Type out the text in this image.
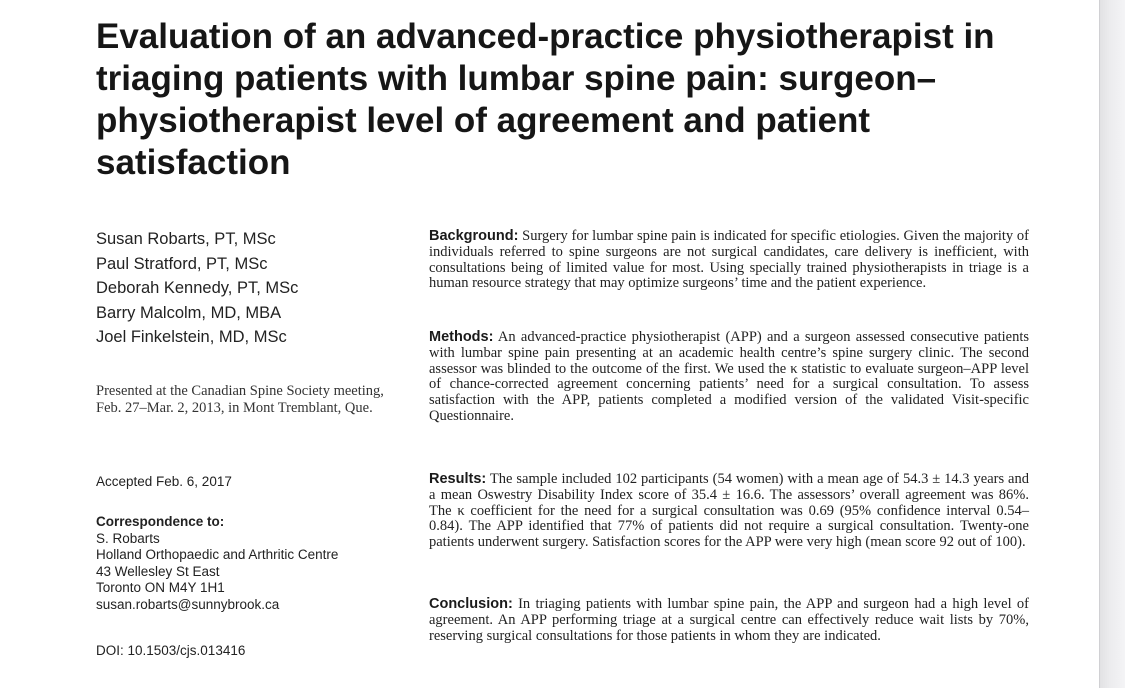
Evaluation of an advanced-practice physiotherapist in triaging patients with lumbar spine pain: surgeon–physiotherapist level of agreement and patient satisfaction
Susan Robarts, PT, MSc
Paul Stratford, PT, MSc
Deborah Kennedy, PT, MSc
Barry Malcolm, MD, MBA
Joel Finkelstein, MD, MSc

Presented at the Canadian Spine Society meeting, Feb. 27–Mar. 2, 2013, in Mont Tremblant, Que.

Accepted Feb. 6, 2017

Correspondence to:
S. Robarts
Holland Orthopaedic and Arthritic Centre
43 Wellesley St East
Toronto ON M4Y 1H1
susan.robarts@sunnybrook.ca

DOI: 10.1503/cjs.013416

Background: Surgery for lumbar spine pain is indicated for specific etiologies. Given the majority of individuals referred to spine surgeons are not surgical candidates, care delivery is inefficient, with consultations being of limited value for most. Using specially trained physiotherapists in triage is a human resource strategy that may optimize surgeons’ time and the patient experience.

Methods: An advanced-practice physiotherapist (APP) and a surgeon assessed consecutive patients with lumbar spine pain presenting at an academic health centre’s spine surgery clinic. The second assessor was blinded to the outcome of the first. We used the κ statistic to evaluate surgeon–APP level of chance-corrected agreement concerning patients’ need for a surgical consultation. To assess satisfaction with the APP, patients completed a modified version of the validated Visit-specific Questionnaire.

Results: The sample included 102 participants (54 women) with a mean age of 54.3 ± 14.3 years and a mean Oswestry Disability Index score of 35.4 ± 16.6. The assessors’ overall agreement was 86%. The κ coefficient for the need for a surgical consultation was 0.69 (95% confidence interval 0.54–0.84). The APP identified that 77% of patients did not require a surgical consultation. Twenty-one patients underwent surgery. Satisfaction scores for the APP were very high (mean score 92 out of 100).

Conclusion: In triaging patients with lumbar spine pain, the APP and surgeon had a high level of agreement. An APP performing triage at a surgical centre can effectively reduce wait lists by 70%, reserving surgical consultations for those patients in whom they are indicated.
